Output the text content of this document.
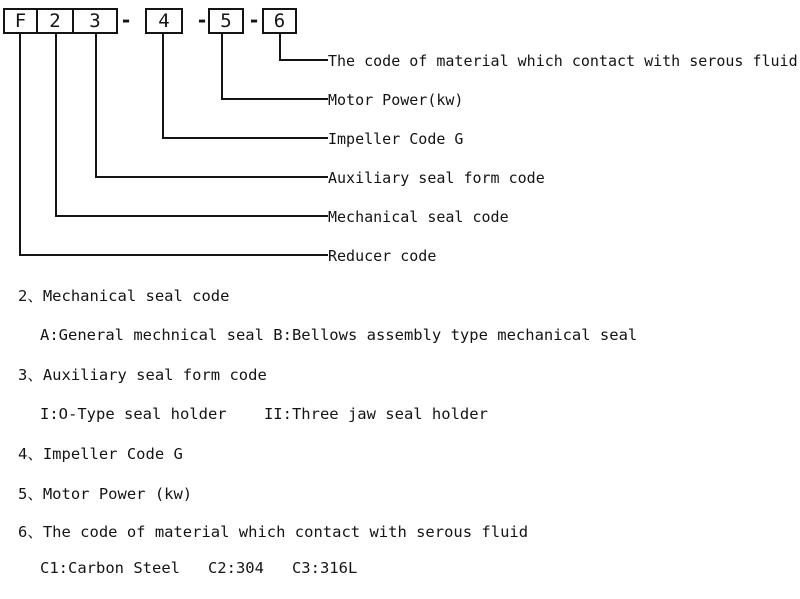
F 2 3 - 4 - 5 - 6
The code of material which contact with serous fluid
Motor Power(kw)
Impeller Code G
Auxiliary seal form code
Mechanical seal code
Reducer code
2、Mechanical seal code
A:General mechnical seal B:Bellows assembly type mechanical seal
3、Auxiliary seal form code
I:O-Type seal holder    II:Three jaw seal holder
4、Impeller Code G
5、Motor Power (kw)
6、The code of material which contact with serous fluid
C1:Carbon Steel   C2:304   C3:316L
